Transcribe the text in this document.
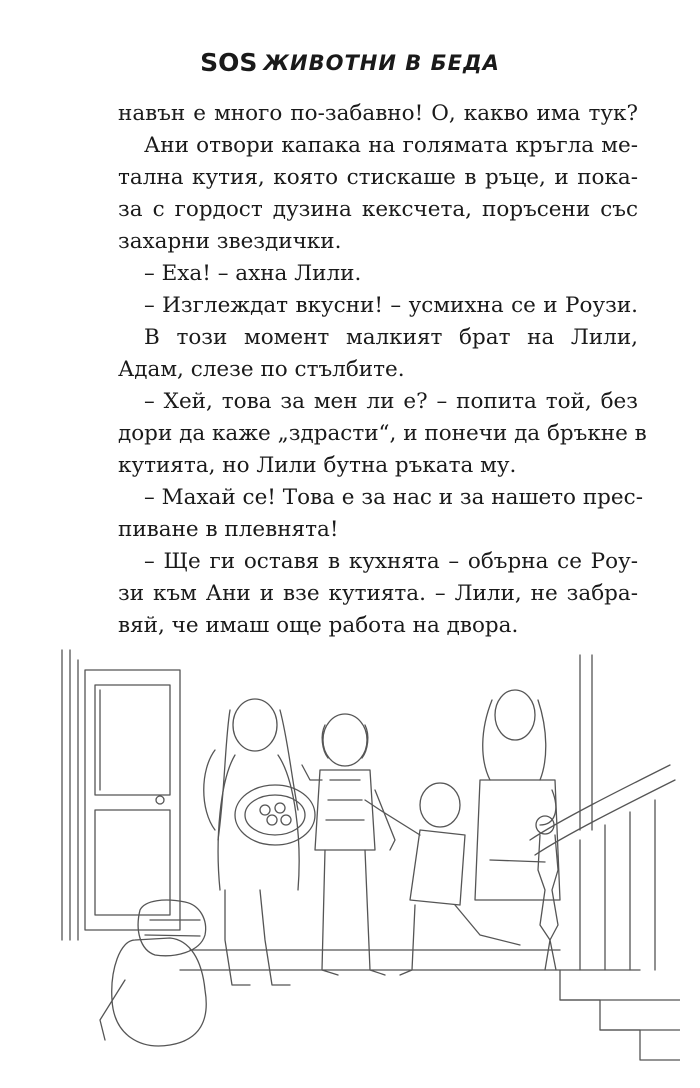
SOS ЖИВОТНИ В БЕДА
навън е много по-забавно! О, какво има тук?
Ани отвори капака на голямата кръгла ме-
тална кутия, която стискаше в ръце, и пока-
за с гордост дузина кексчета, поръсени със
захарни звездички.
– Еха! – ахна Лили.
– Изглеждат вкусни! – усмихна се и Роузи.
В този момент малкият брат на Лили,
Адам, слезе по стълбите.
– Хей, това за мен ли е? – попита той, без
дори да каже „здрасти“, и понечи да бръкне в
кутията, но Лили бутна ръката му.
– Махай се! Това е за нас и за нашето прес-
пиване в плевнята!
– Ще ги оставя в кухнята – обърна се Роу-
зи към Ани и взе кутията. – Лили, не забра-
вяй, че имаш още работа на двора.
